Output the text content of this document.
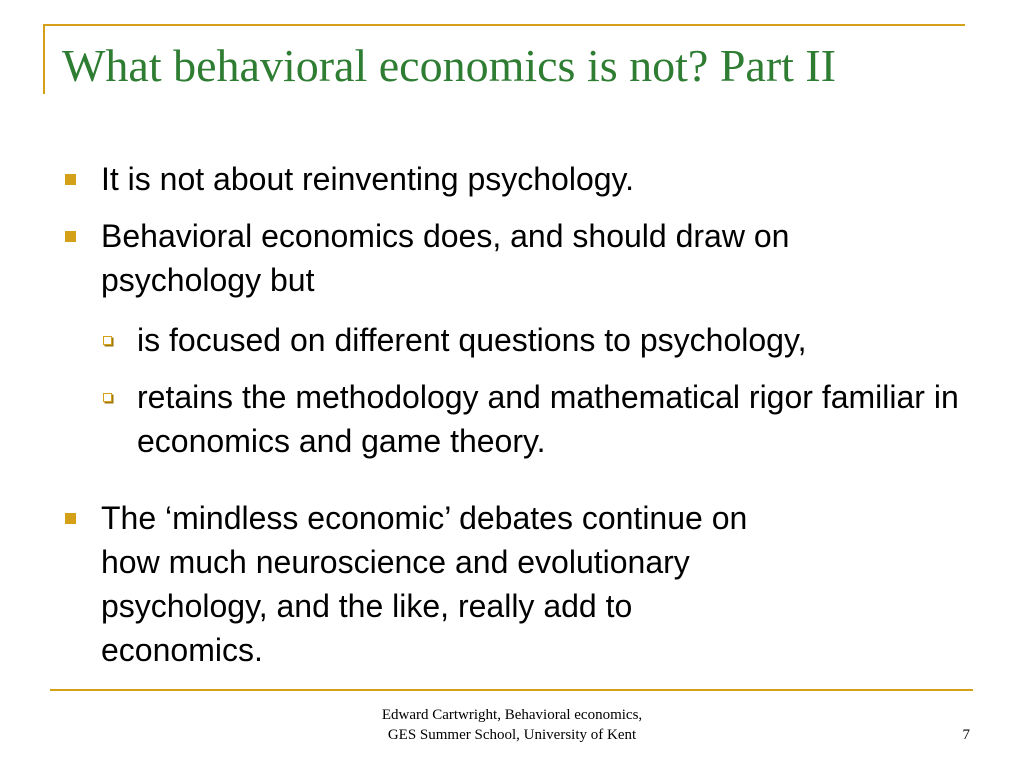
What behavioral economics is not? Part II
It is not about reinventing psychology.
Behavioral economics does, and should draw on
psychology but
is focused on different questions to psychology,
retains the methodology and mathematical rigor familiar in economics and game theory.
The ‘mindless economic’ debates continue on
how much neuroscience and evolutionary
psychology, and the like, really add to
economics.
Edward Cartwright, Behavioral economics,
GES Summer School, University of Kent	7
